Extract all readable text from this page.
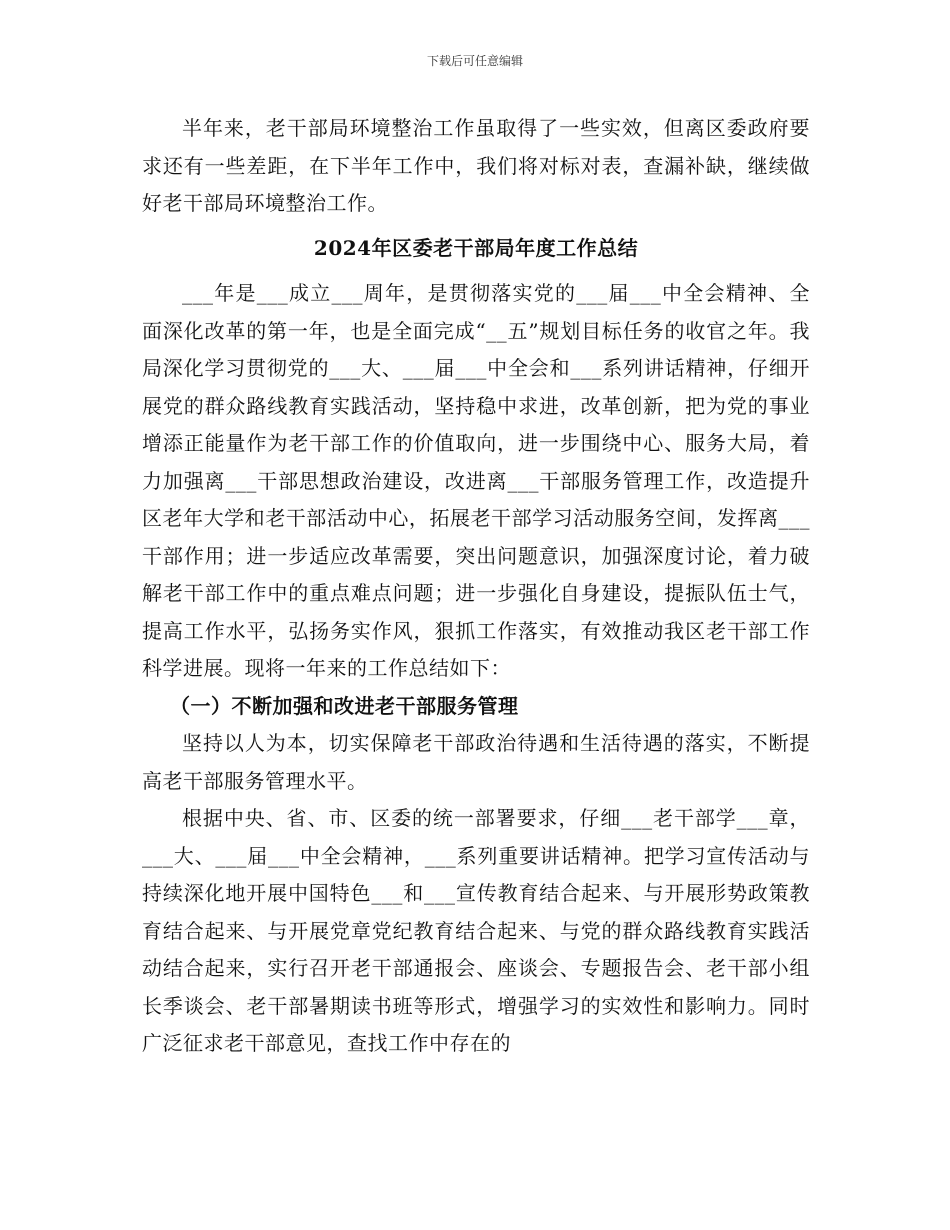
下载后可任意编辑

半年来，老干部局环境整治工作虽取得了一些实效，但离区委政府要求还有一些差距，在下半年工作中，我们将对标对表，查漏补缺，继续做好老干部局环境整治工作。

2024年区委老干部局年度工作总结

___年是___成立___周年，是贯彻落实党的___届___中全会精神、全面深化改革的第一年，也是全面完成“__五”规划目标任务的收官之年。我局深化学习贯彻党的___大、___届___中全会和___系列讲话精神，仔细开展党的群众路线教育实践活动，坚持稳中求进，改革创新，把为党的事业增添正能量作为老干部工作的价值取向，进一步围绕中心、服务大局，着力加强离___干部思想政治建设，改进离___干部服务管理工作，改造提升区老年大学和老干部活动中心，拓展老干部学习活动服务空间，发挥离___干部作用；进一步适应改革需要，突出问题意识，加强深度讨论，着力破解老干部工作中的重点难点问题；进一步强化自身建设，提振队伍士气，提高工作水平，弘扬务实作风，狠抓工作落实，有效推动我区老干部工作科学进展。现将一年来的工作总结如下：

（一）不断加强和改进老干部服务管理

坚持以人为本，切实保障老干部政治待遇和生活待遇的落实，不断提高老干部服务管理水平。

根据中央、省、市、区委的统一部署要求，仔细___老干部学___章，___大、___届___中全会精神，___系列重要讲话精神。把学习宣传活动与持续深化地开展中国特色___和___宣传教育结合起来、与开展形势政策教育结合起来、与开展党章党纪教育结合起来、与党的群众路线教育实践活动结合起来，实行召开老干部通报会、座谈会、专题报告会、老干部小组长季谈会、老干部暑期读书班等形式，增强学习的实效性和影响力。同时广泛征求老干部意见，查找工作中存在的
